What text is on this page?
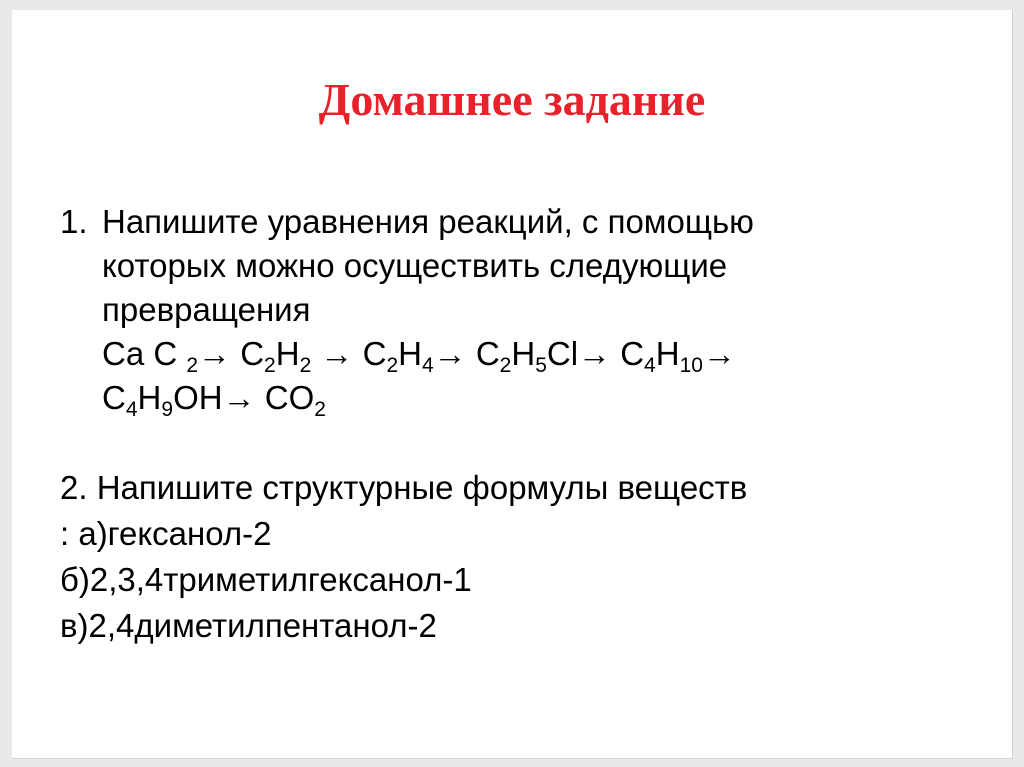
Домашнее задание
1. Напишите уравнения реакций, с помощью
которых можно осуществить следующие
превращения
Ca C $_2\to C_2H_2 \to C_2H_4\to C_2H_5Cl\to C_4H_{10}\to$
$C_4H_9OH\to CO_2$
2. Напишите структурные формулы веществ
: а)гексанол-2
б)2,3,4триметилгексанол-1
в)2,4диметилпентанол-2
